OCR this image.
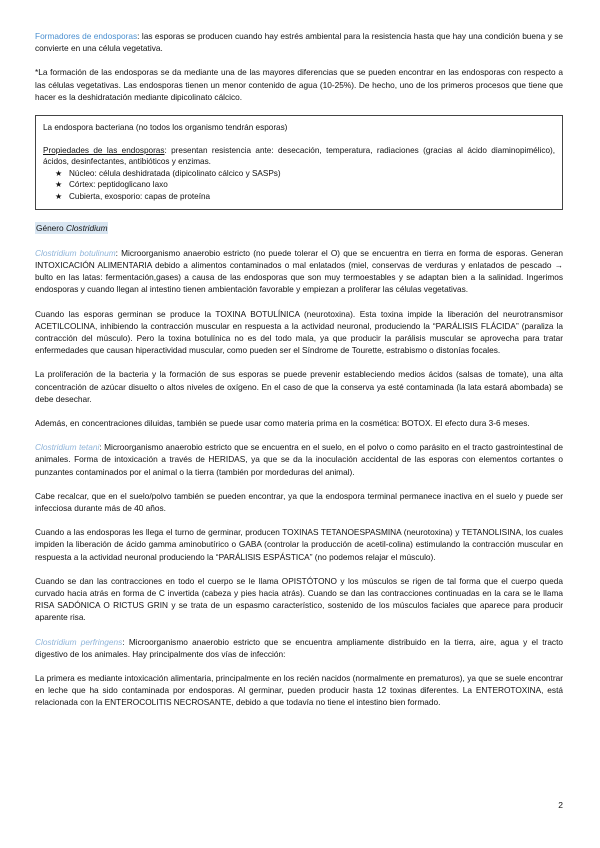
Formadores de endosporas: las esporas se producen cuando hay estrés ambiental para la resistencia hasta que hay una condición buena y se convierte en una célula vegetativa.

*La formación de las endosporas se da mediante una de las mayores diferencias que se pueden encontrar en las endosporas con respecto a las células vegetativas. Las endosporas tienen un menor contenido de agua (10-25%). De hecho, uno de los primeros procesos que tiene que hacer es la deshidratación mediante dipicolinato cálcico.

La endospora bacteriana (no todos los organismo tendrán esporas)

Propiedades de las endosporas: presentan resistencia ante: desecación, temperatura, radiaciones (gracias al ácido diaminopimélico), ácidos, desinfectantes, antibióticos y enzimas.

★ Núcleo: célula deshidratada (dipicolinato cálcico y SASPs)
★ Córtex: peptidoglicano laxo
★ Cubierta, exosporio: capas de proteína

Género Clostridium

Clostridium botulinum: Microorganismo anaerobio estricto (no puede tolerar el O) que se encuentra en tierra en forma de esporas. Generan INTOXICACIÓN ALIMENTARIA debido a alimentos contaminados o mal enlatados (miel, conservas de verduras y enlatados de pescado → bulto en las latas: fermentación,gases) a causa de las endosporas que son muy termoestables y se adaptan bien a la salinidad. Ingerimos endosporas y cuando llegan al intestino tienen ambientación favorable y empiezan a proliferar las células vegetativas.

Cuando las esporas germinan se produce la TOXINA BOTULÍNICA (neurotoxina). Esta toxina impide la liberación del neurotransmisor ACETILCOLINA, inhibiendo la contracción muscular en respuesta a la actividad neuronal, produciendo la “PARÁLISIS FLÁCIDA” (paraliza la contracción del músculo). Pero la toxina botulínica no es del todo mala, ya que producir la parálisis muscular se aprovecha para tratar enfermedades que causan hiperactividad muscular, como pueden ser el Síndrome de Tourette, estrabismo o distonías focales.

La proliferación de la bacteria y la formación de sus esporas se puede prevenir estableciendo medios ácidos (salsas de tomate), una alta concentración de azúcar disuelto o altos niveles de oxígeno. En el caso de que la conserva ya esté contaminada (la lata estará abombada) se debe desechar.

Además, en concentraciones diluidas, también se puede usar como materia prima en la cosmética: BOTOX. El efecto dura 3-6 meses.

Clostridium tetani: Microorganismo anaerobio estricto que se encuentra en el suelo, en el polvo o como parásito en el tracto gastrointestinal de animales. Forma de intoxicación a través de HERIDAS, ya que se da la inoculación accidental de las esporas con elementos cortantes o punzantes contaminados por el animal o la tierra (también por mordeduras del animal).

Cabe recalcar, que en el suelo/polvo también se pueden encontrar, ya que la endospora terminal permanece inactiva en el suelo y puede ser infecciosa durante más de 40 años.

Cuando a las endosporas les llega el turno de germinar, producen TOXINAS TETANOESPASMINA (neurotoxina) y TETANOLISINA, los cuales impiden la liberación de ácido gamma aminobutírico o GABA (controlar la producción de acetil-colina) estimulando la contracción muscular en respuesta a la actividad neuronal produciendo la “PARÁLISIS ESPÁSTICA” (no podemos relajar el músculo).

Cuando se dan las contracciones en todo el cuerpo se le llama OPISTÓTONO y los músculos se rigen de tal forma que el cuerpo queda curvado hacia atrás en forma de C invertida (cabeza y pies hacia atrás). Cuando se dan las contracciones continuadas en la cara se le llama RISA SADÓNICA O RICTUS GRIN y se trata de un espasmo característico, sostenido de los músculos faciales que aparece para producir aparente risa.

Clostridium perfringens: Microorganismo anaerobio estricto que se encuentra ampliamente distribuido en la tierra, aire, agua y el tracto digestivo de los animales. Hay principalmente dos vías de infección:

La primera es mediante intoxicación alimentaria, principalmente en los recién nacidos (normalmente en prematuros), ya que se suele encontrar en leche que ha sido contaminada por endosporas. Al germinar, pueden producir hasta 12 toxinas diferentes. La ENTEROTOXINA, está relacionada con la ENTEROCOLITIS NECROSANTE, debido a que todavía no tiene el intestino bien formado.

2
